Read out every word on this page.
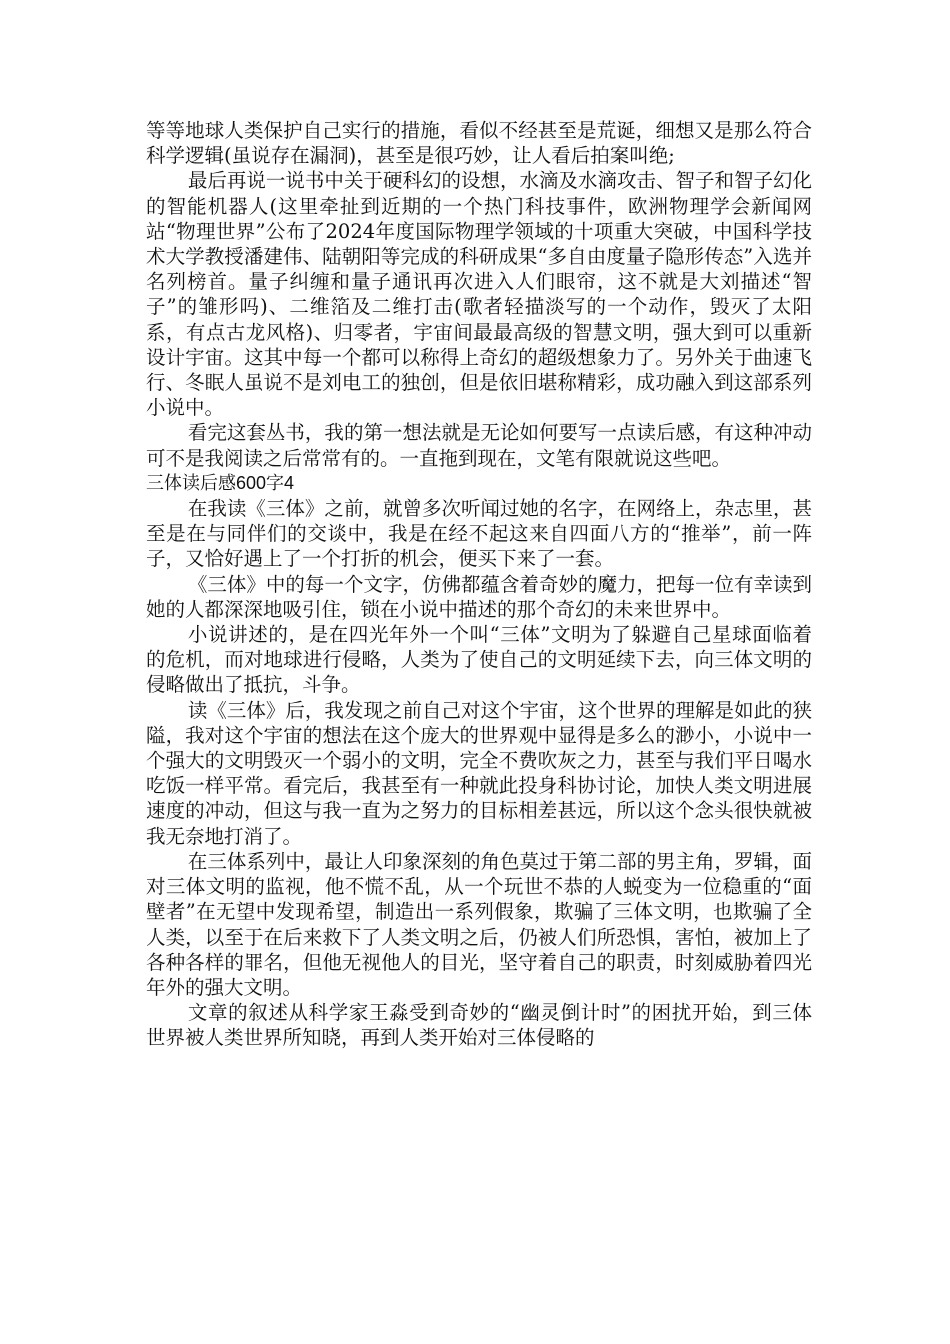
等等地球人类保护自己实行的措施，看似不经甚至是荒诞，细想又是那么符合科学逻辑(虽说存在漏洞)，甚至是很巧妙，让人看后拍案叫绝;

最后再说一说书中关于硬科幻的设想，水滴及水滴攻击、智子和智子幻化的智能机器人(这里牵扯到近期的一个热门科技事件，欧洲物理学会新闻网站“物理世界”公布了2024年度国际物理学领域的十项重大突破，中国科学技术大学教授潘建伟、陆朝阳等完成的科研成果“多自由度量子隐形传态”入选并名列榜首。量子纠缠和量子通讯再次进入人们眼帘，这不就是大刘描述“智子”的雏形吗)、二维箔及二维打击(歌者轻描淡写的一个动作，毁灭了太阳系，有点古龙风格)、归零者，宇宙间最最高级的智慧文明，强大到可以重新设计宇宙。这其中每一个都可以称得上奇幻的超级想象力了。另外关于曲速飞行、冬眠人虽说不是刘电工的独创，但是依旧堪称精彩，成功融入到这部系列小说中。

看完这套丛书，我的第一想法就是无论如何要写一点读后感，有这种冲动可不是我阅读之后常常有的。一直拖到现在，文笔有限就说这些吧。

三体读后感600字4

在我读《三体》之前，就曾多次听闻过她的名字，在网络上，杂志里，甚至是在与同伴们的交谈中，我是在经不起这来自四面八方的“推举”，前一阵子，又恰好遇上了一个打折的机会，便买下来了一套。

《三体》中的每一个文字，仿佛都蕴含着奇妙的魔力，把每一位有幸读到她的人都深深地吸引住，锁在小说中描述的那个奇幻的未来世界中。

小说讲述的，是在四光年外一个叫“三体”文明为了躲避自己星球面临着的危机，而对地球进行侵略，人类为了使自己的文明延续下去，向三体文明的侵略做出了抵抗，斗争。

读《三体》后，我发现之前自己对这个宇宙，这个世界的理解是如此的狭隘，我对这个宇宙的想法在这个庞大的世界观中显得是多么的渺小，小说中一个强大的文明毁灭一个弱小的文明，完全不费吹灰之力，甚至与我们平日喝水吃饭一样平常。看完后，我甚至有一种就此投身科协讨论，加快人类文明进展速度的冲动，但这与我一直为之努力的目标相差甚远，所以这个念头很快就被我无奈地打消了。

在三体系列中，最让人印象深刻的角色莫过于第二部的男主角，罗辑，面对三体文明的监视，他不慌不乱，从一个玩世不恭的人蜕变为一位稳重的“面壁者”在无望中发现希望，制造出一系列假象，欺骗了三体文明，也欺骗了全人类，以至于在后来救下了人类文明之后，仍被人们所恐惧，害怕，被加上了各种各样的罪名，但他无视他人的目光，坚守着自己的职责，时刻威胁着四光年外的强大文明。

文章的叙述从科学家王淼受到奇妙的“幽灵倒计时”的困扰开始，到三体世界被人类世界所知晓，再到人类开始对三体侵略的
